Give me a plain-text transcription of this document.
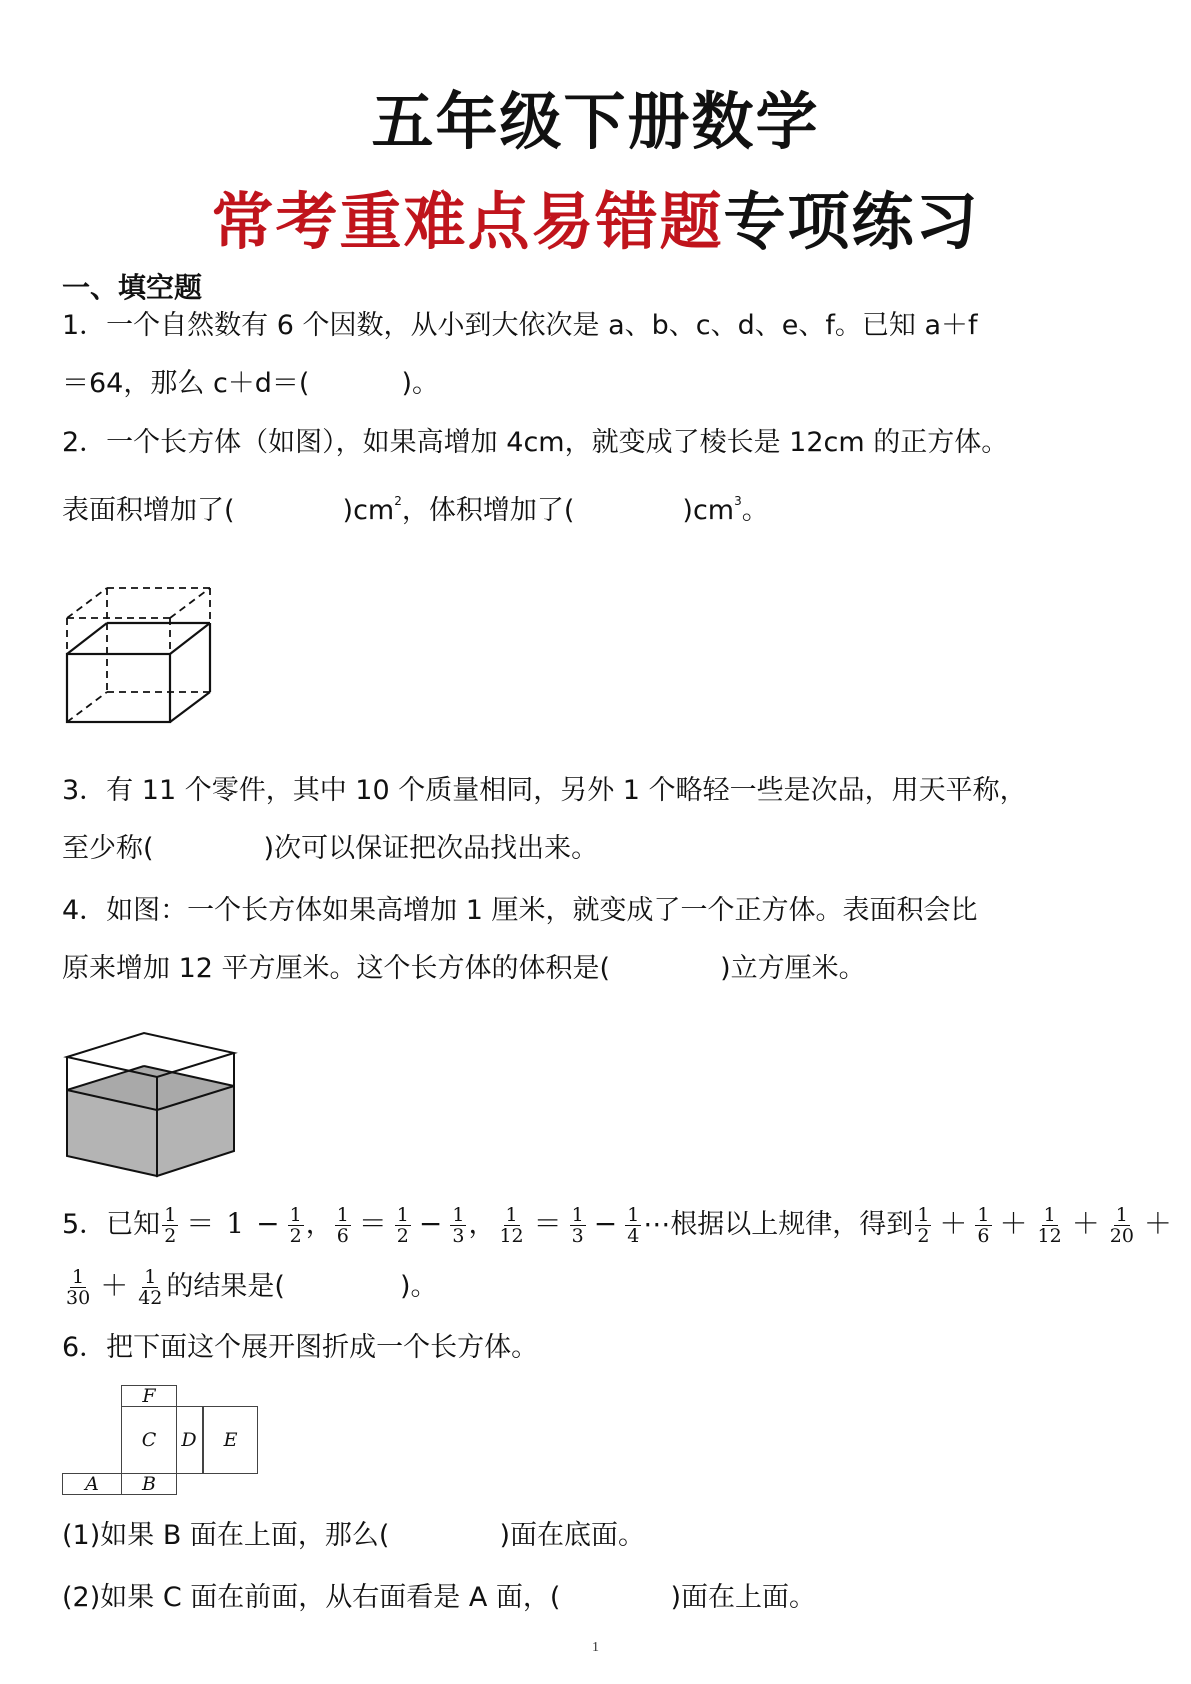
五年级下册数学
常考重难点易错题专项练习
一、填空题
1．一个自然数有 6 个因数，从小到大依次是 a、b、c、d、e、f。已知 a＋f
＝64，那么 c＋d＝(	)。
2．一个长方体（如图），如果高增加 4cm，就变成了棱长是 12cm 的正方体。
表面积增加了(	)$cm^2$，体积增加了(	)$cm^3$。
3．有 11 个零件，其中 10 个质量相同，另外 1 个略轻一些是次品，用天平称，
至少称(	)次可以保证把次品找出来。
4．如图：一个长方体如果高增加 1 厘米，就变成了一个正方体。表面积会比
原来增加 12 平方厘米。这个长方体的体积是(	)立方厘米。
5．已知 $\frac{1}{2} = 1 - \frac{1}{2}$ ， $\frac{1}{6} = \frac{1}{2} - \frac{1}{3}$ ， $\frac{1}{12} = \frac{1}{3} - \frac{1}{4}$ ⋯根据以上规律，得到 $\frac{1}{2} + \frac{1}{6} + \frac{1}{12} + \frac{1}{20}$ ＋
$\frac{1}{30} + \frac{1}{42}$ 的结果是(	)。
6．把下面这个展开图折成一个长方体。
F
C	D	E
A	B
(1)如果 B 面在上面，那么(	)面在底面。
(2)如果 C 面在前面，从右面看是 A 面，(	)面在上面。
1
